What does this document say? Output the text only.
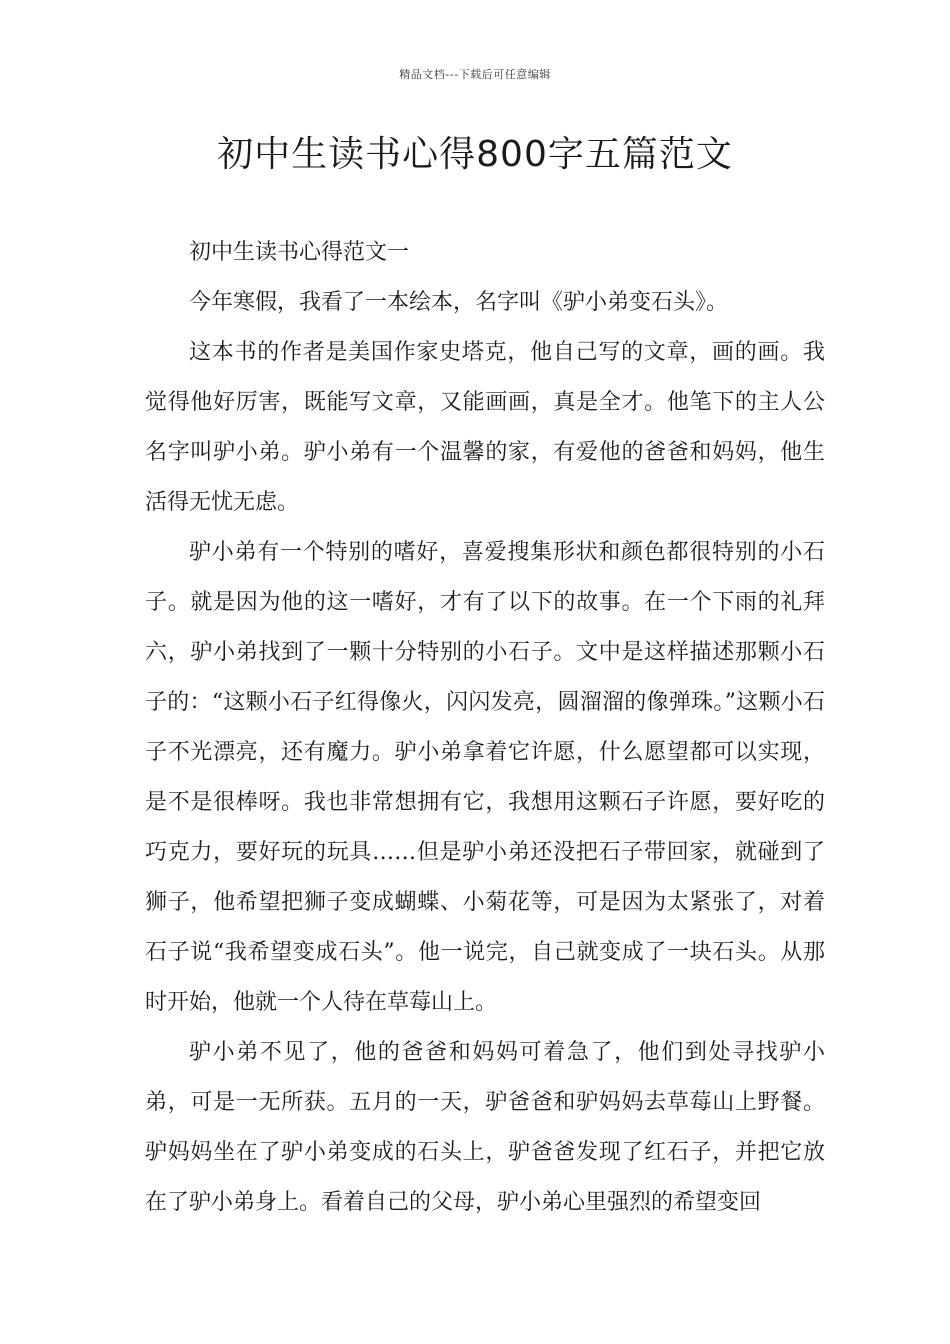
精品文档---下载后可任意编辑
初中生读书心得800字五篇范文

初中生读书心得范文一

今年寒假，我看了一本绘本，名字叫《驴小弟变石头》。

这本书的作者是美国作家史塔克，他自己写的文章，画的画。我觉得他好厉害，既能写文章，又能画画，真是全才。他笔下的主人公名字叫驴小弟。驴小弟有一个温馨的家，有爱他的爸爸和妈妈，他生活得无忧无虑。

驴小弟有一个特别的嗜好，喜爱搜集形状和颜色都很特别的小石子。就是因为他的这一嗜好，才有了以下的故事。在一个下雨的礼拜六，驴小弟找到了一颗十分特别的小石子。文中是这样描述那颗小石子的：“这颗小石子红得像火，闪闪发亮，圆溜溜的像弹珠。”这颗小石子不光漂亮，还有魔力。驴小弟拿着它许愿，什么愿望都可以实现，是不是很棒呀。我也非常想拥有它，我想用这颗石子许愿，要好吃的巧克力，要好玩的玩具……但是驴小弟还没把石子带回家，就碰到了狮子，他希望把狮子变成蝴蝶、小菊花等，可是因为太紧张了，对着石子说“我希望变成石头”。他一说完，自己就变成了一块石头。从那时开始，他就一个人待在草莓山上。

驴小弟不见了，他的爸爸和妈妈可着急了，他们到处寻找驴小弟，可是一无所获。五月的一天，驴爸爸和驴妈妈去草莓山上野餐。驴妈妈坐在了驴小弟变成的石头上，驴爸爸发现了红石子，并把它放在了驴小弟身上。看着自己的父母，驴小弟心里强烈的希望变回
